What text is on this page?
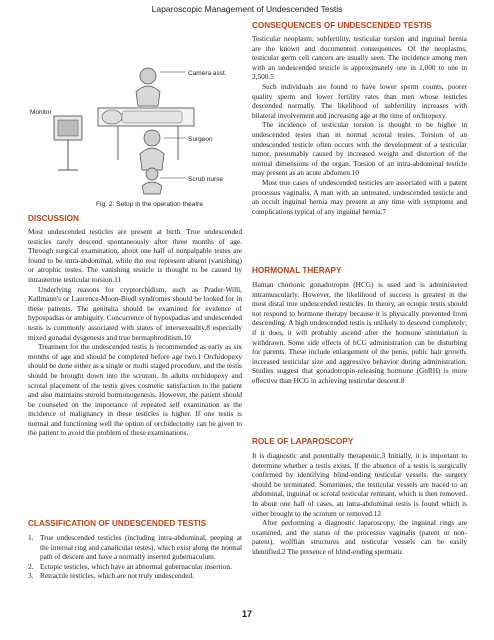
Laparoscopic Management of Undescended Testis
Camera asst.
Monitor
Surgeon
Scrub nurse
Fig. 2: Setup in the operation theatre
DISCUSSION

Most undescended testicles are present at birth. True undescended testicles rarely descend spontaneously after three months of age. Through surgical examination, about one half of nonpalpable testes are found to be intra-abdominal, while the rest represent absent (vanishing) or atrophic testes. The vanishing testicle is thought to be caused by intrauterine testicular torsion.11

Underlying reasons for cryptorchidism, such as Prader-Willi, Kallmann's or Laurence-Moon-Biedl syndromes should be looked for in these patients. The genitalia should be examined for evidence of hypospadias or ambiguity. Concurrence of hypospadias and undescended testis is commonly associated with states of intersexuality,8 especially mixed gonadal dysgenesis and true hermaphroditism.10

Treatment for the undescended testis is recommended as early as six months of age and should be completed before age two.1 Orchidopexy should be done either as a single or multi staged procedure, and the testis should be brought down into the scrotum. In adults orchidopexy and scrotal placement of the testis gives cosmetic satisfaction to the patient and also maintains steroid hormonogenesis. However, the patient should be counseled on the importance of repeated self examination as the incidence of malignancy in these testicles is higher. If one testis is normal and functioning well the option of orchidectomy can be given to the patient to avoid the problem of these examinations.

CLASSIFICATION OF UNDESCENDED TESTIS
1. True undescended testicles (including intra-abdominal, peeping at the internal ring and canalicular testes), which exist along the normal path of descent and have a normally inserted gubernaculum.
2. Ectopic testicles, which have an abnormal gubernacular insertion.
3. Retractile testicles, which are not truly undescended.
CONSEQUENCES OF UNDESCENDED TESTIS

Testicular neoplasm, subfertility, testicular torsion and inguinal hernia are the known and documented consequences. Of the neoplasms, testicular germ cell cancers are usually seen. The incidence among men with an undescended testicle is approximately one in 1,000 to one in 2,500.5

Such individuals are found to have lower sperm counts, poorer quality sperm and lower fertility rates than men whose testicles descended normally. The likelihood of subfertility increases with bilateral involvement and increasing age at the time of orchiopexy.

The incidence of testicular torsion is thought to be higher in undescended testes than in normal scrotal testes. Torsion of an undescended testicle often occurs with the development of a testicular tumor, presumably caused by increased weight and distortion of the normal dimensions of the organ. Torsion of an intra-abdominal testicle may present as an acute abdomen.10

Most true cases of undescended testicles are associated with a patent processus vaginalis. A man with an untreated, undescended testicle and an occult inguinal hernia may present at any time with symptoms and complications typical of any inguinal hernia.7

HORMONAL THERAPY

Human chorionic gonadotropin (HCG) is used and is administered intramuscularly. However, the likelihood of success is greatest in the most distal true undescended testicles. In theory, an ectopic testis should not respond to hormone therapy because it is physically prevented from descending. A high undescended testis is unlikely to descend completely; if it does, it will probably ascend after the hormone stimulation is withdrawn. Some side effects of hCG administration can be disturbing for parents. These include enlargement of the penis, pubic hair growth, increased testicular size and aggressive behavior during administration. Studies suggest that gonadotropin-releasing hormone (GnRH) is more effective than HCG in achieving testicular descent.8

ROLE OF LAPAROSCOPY

It is diagnostic and potentially therapeutic.3 Initially, it is important to determine whether a testis exists. If the absence of a testis is surgically confirmed by identifying blind-ending testicular vessels, the surgery should be terminated. Sometimes, the testicular vessels are traced to an abdominal, inguinal or scrotal testicular remnant, which is then removed. In about one half of cases, an intra-abdominal testis is found which is either brought to the scrotum or removed.12

After performing a diagnostic laparoscopy, the inguinal rings are examined, and the status of the processus vaginalis (patent or non-patent), wolffian structures and testicular vessels can be easily identified.2 The presence of blind-ending spermatic

17
